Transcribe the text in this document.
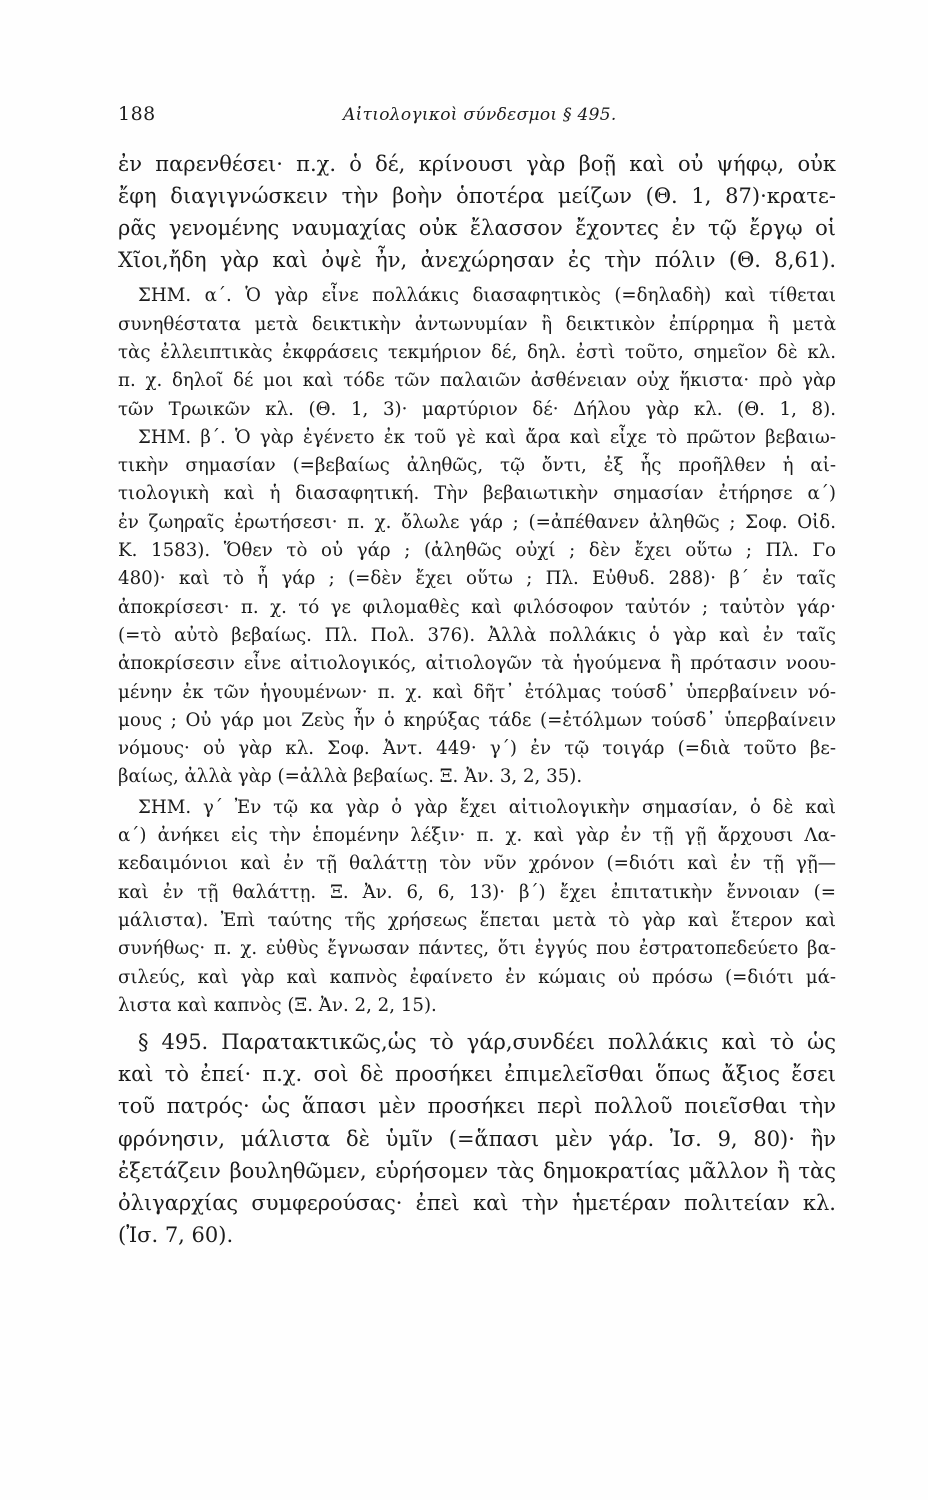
188	Αἰτιολογικοὶ σύνδεσμοι § 495.
ἐν παρενθέσει· π.χ. ὁ δέ, κρίνουσι γὰρ βοῇ καὶ οὐ ψήφῳ, οὐκ
ἔφη διαγιγνώσκειν τὴν βοὴν ὁποτέρα μείζων (Θ. 1, 87)·κρατε-
ρᾶς γενομένης ναυμαχίας οὐκ ἔλασσον ἔχοντες ἐν τῷ ἔργῳ οἱ
Χῖοι,ἤδη γὰρ καὶ ὀψὲ ἦν, ἀνεχώρησαν ἐς τὴν πόλιν (Θ. 8,61).
ΣΗΜ. α΄. Ὁ γὰρ εἶνε πολλάκις διασαφητικὸς (=δηλαδὴ) καὶ τίθεται
συνηθέστατα μετὰ δεικτικὴν ἀντωνυμίαν ἢ δεικτικὸν ἐπίρρημα ἢ μετὰ
τὰς ἐλλειπτικὰς ἐκφράσεις τεκμήριον δέ, δηλ. ἐστὶ τοῦτο, σημεῖον δὲ κλ.
π. χ. δηλοῖ δέ μοι καὶ τόδε τῶν παλαιῶν ἀσθένειαν οὐχ ἥκιστα· πρὸ γὰρ
τῶν Τρωικῶν κλ. (Θ. 1, 3)· μαρτύριον δέ· Δήλου γὰρ κλ. (Θ. 1, 8).
ΣΗΜ. β΄. Ὁ γὰρ ἐγένετο ἐκ τοῦ γὲ καὶ ἄρα καὶ εἶχε τὸ πρῶτον βεβαιω-
τικὴν σημασίαν (=βεβαίως ἀληθῶς, τῷ ὄντι, ἐξ ἧς προῆλθεν ἡ αἰ-
τιολογικὴ καὶ ἡ διασαφητική. Τὴν βεβαιωτικὴν σημασίαν ἐτήρησε α΄)
ἐν ζωηραῖς ἐρωτήσεσι· π. χ. ὄλωλε γάρ ; (=ἀπέθανεν ἀληθῶς ; Σοφ. Οἰδ.
Κ. 1583). Ὅθεν τὸ οὐ γάρ ; (ἀληθῶς οὐχί ; δὲν ἔχει οὕτω ; Πλ. Γο
480)· καὶ τὸ ἦ γάρ ; (=δὲν ἔχει οὕτω ; Πλ. Εὐθυδ. 288)· β΄ ἐν ταῖς
ἀποκρίσεσι· π. χ. τό γε φιλομαθὲς καὶ φιλόσοφον ταὐτόν ; ταὐτὸν γάρ·
(=τὸ αὐτὸ βεβαίως. Πλ. Πολ. 376). Ἀλλὰ πολλάκις ὁ γὰρ καὶ ἐν ταῖς
ἀποκρίσεσιν εἶνε αἰτιολογικός, αἰτιολογῶν τὰ ἡγούμενα ἢ πρότασιν νοου-
μένην ἐκ τῶν ἡγουμένων· π. χ. καὶ δῆτ᾽ ἐτόλμας τούσδ᾽ ὑπερβαίνειν νό-
μους ; Οὐ γάρ μοι Ζεὺς ἦν ὁ κηρύξας τάδε (=ἐτόλμων τούσδ᾽ ὑπερβαίνειν
νόμους· οὐ γὰρ κλ. Σοφ. Ἀντ. 449· γ΄) ἐν τῷ τοιγάρ (=διὰ τοῦτο βε-
βαίως, ἀλλὰ γὰρ (=ἀλλὰ βεβαίως. Ξ. Ἀν. 3, 2, 35).
ΣΗΜ. γ΄ Ἐν τῷ κα γὰρ ὁ γὰρ ἔχει αἰτιολογικὴν σημασίαν, ὁ δὲ καὶ
α΄) ἀνήκει εἰς τὴν ἑπομένην λέξιν· π. χ. καὶ γὰρ ἐν τῇ γῇ ἄρχουσι Λα-
κεδαιμόνιοι καὶ ἐν τῇ θαλάττῃ τὸν νῦν χρόνον (=διότι καὶ ἐν τῇ γῇ—
καὶ ἐν τῇ θαλάττῃ. Ξ. Ἀν. 6, 6, 13)· β΄) ἔχει ἐπιτατικὴν ἔννοιαν (=
μάλιστα). Ἐπὶ ταύτης τῆς χρήσεως ἕπεται μετὰ τὸ γὰρ καὶ ἕτερον καὶ
συνήθως· π. χ. εὐθὺς ἔγνωσαν πάντες, ὅτι ἐγγύς που ἐστρατοπεδεύετο βα-
σιλεύς, καὶ γὰρ καὶ καπνὸς ἐφαίνετο ἐν κώμαις οὐ πρόσω (=διότι μά-
λιστα καὶ καπνὸς (Ξ. Ἀν. 2, 2, 15).
§ 495. Παρατακτικῶς,ὡς τὸ γάρ,συνδέει πολλάκις καὶ τὸ ὡς
καὶ τὸ ἐπεί· π.χ. σοὶ δὲ προσήκει ἐπιμελεῖσθαι ὅπως ἄξιος ἔσει
τοῦ πατρός· ὡς ἅπασι μὲν προσήκει περὶ πολλοῦ ποιεῖσθαι τὴν
φρόνησιν, μάλιστα δὲ ὑμῖν (=ἅπασι μὲν γάρ. Ἰσ. 9, 80)· ἢν
ἐξετάζειν βουληθῶμεν, εὑρήσομεν τὰς δημοκρατίας μᾶλλον ἢ τὰς
ὀλιγαρχίας συμφερούσας· ἐπεὶ καὶ τὴν ἡμετέραν πολιτείαν κλ.
(Ἰσ. 7, 60).
